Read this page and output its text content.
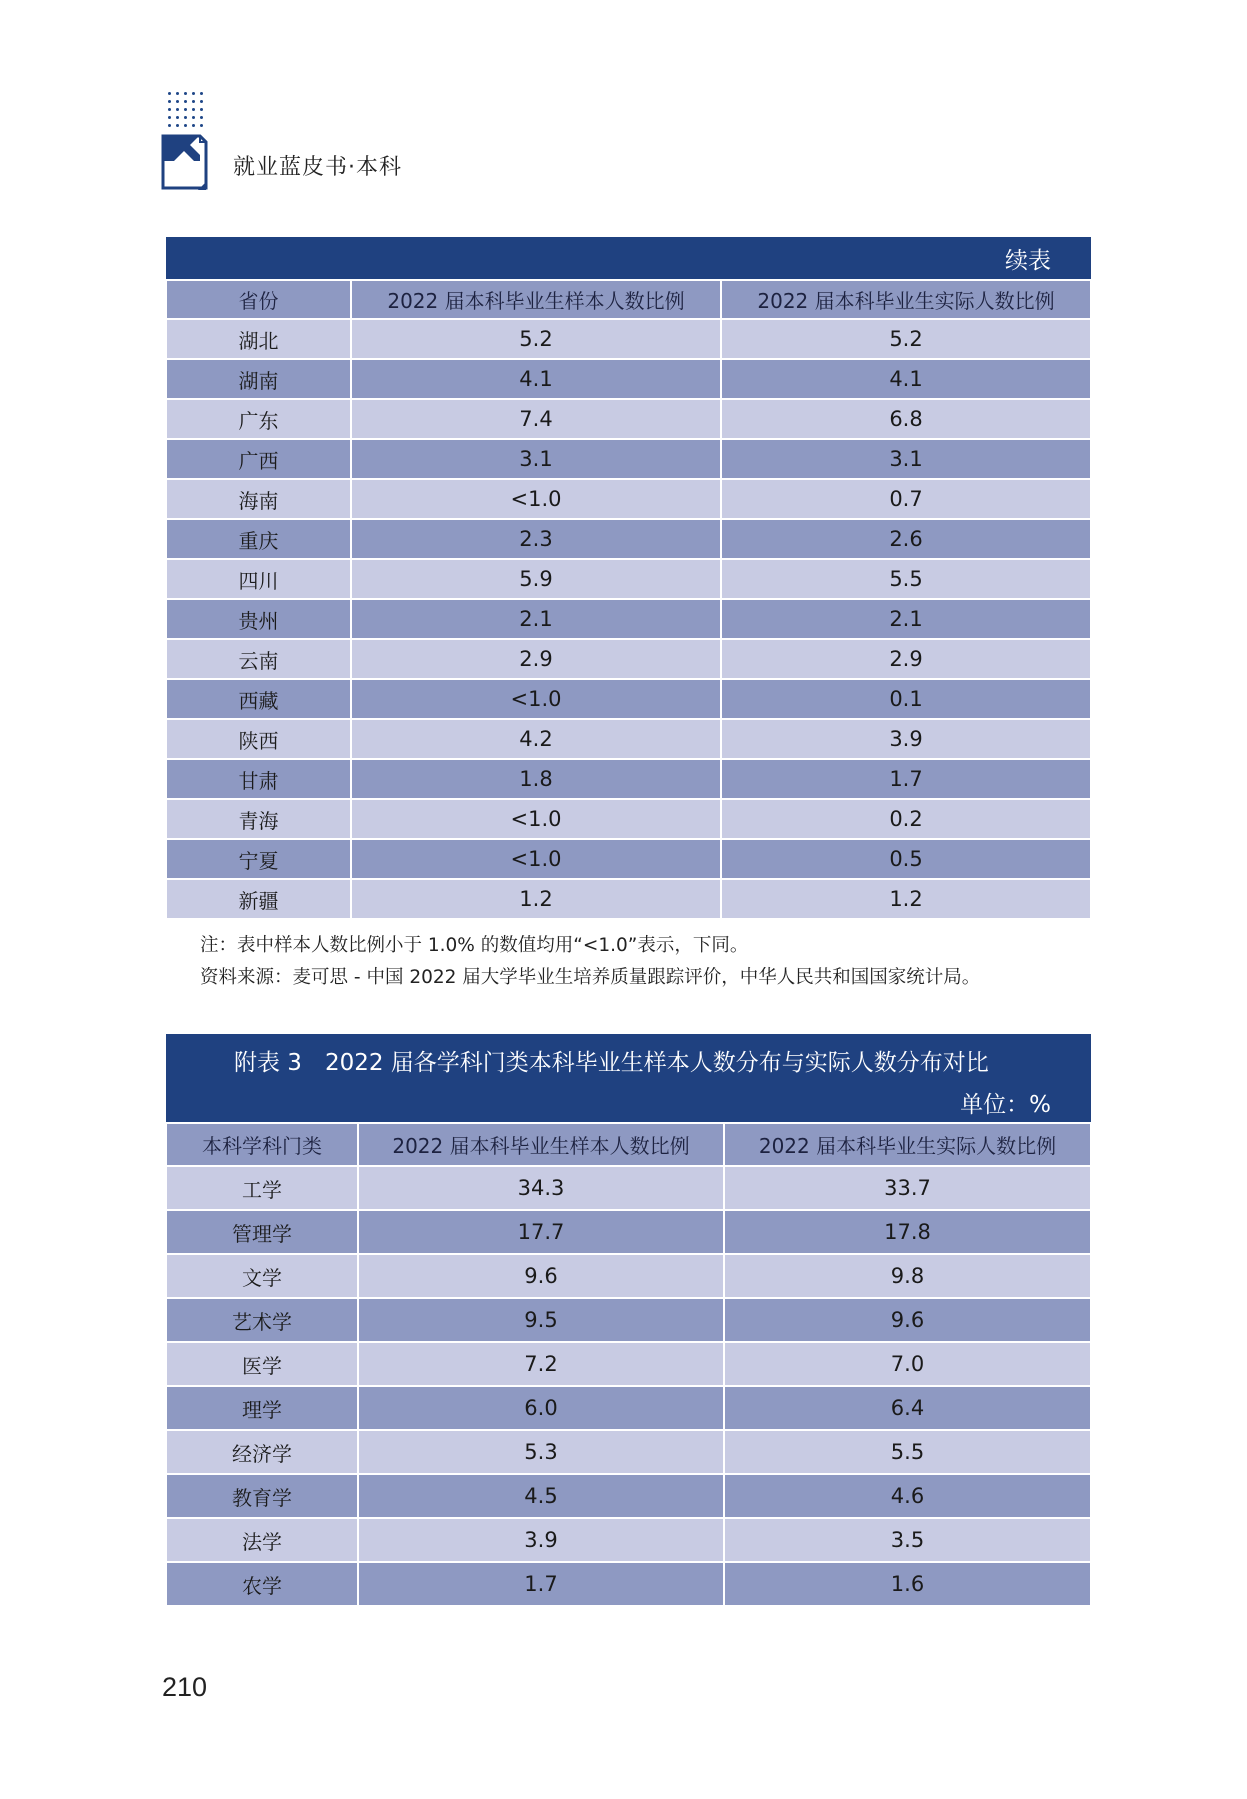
就业蓝皮书·本科
续表		
省份	2022 届本科毕业生样本人数比例	2022 届本科毕业生实际人数比例
湖北	5.2	5.2
湖南	4.1	4.1
广东	7.4	6.8
广西	3.1	3.1
海南	<1.0	0.7
重庆	2.3	2.6
四川	5.9	5.5
贵州	2.1	2.1
云南	2.9	2.9
西藏	<1.0	0.1
陕西	4.2	3.9
甘肃	1.8	1.7
青海	<1.0	0.2
宁夏	<1.0	0.5
新疆	1.2	1.2
注：表中样本人数比例小于 1.0% 的数值均用“<1.0”表示，下同。
资料来源：麦可思 - 中国 2022 届大学毕业生培养质量跟踪评价，中华人民共和国国家统计局。
附表 3　2022 届各学科门类本科毕业生样本人数分布与实际人数分布对比		
单位：%		
本科学科门类	2022 届本科毕业生样本人数比例	2022 届本科毕业生实际人数比例
工学	34.3	33.7
管理学	17.7	17.8
文学	9.6	9.8
艺术学	9.5	9.6
医学	7.2	7.0
理学	6.0	6.4
经济学	5.3	5.5
教育学	4.5	4.6
法学	3.9	3.5
农学	1.7	1.6
210
